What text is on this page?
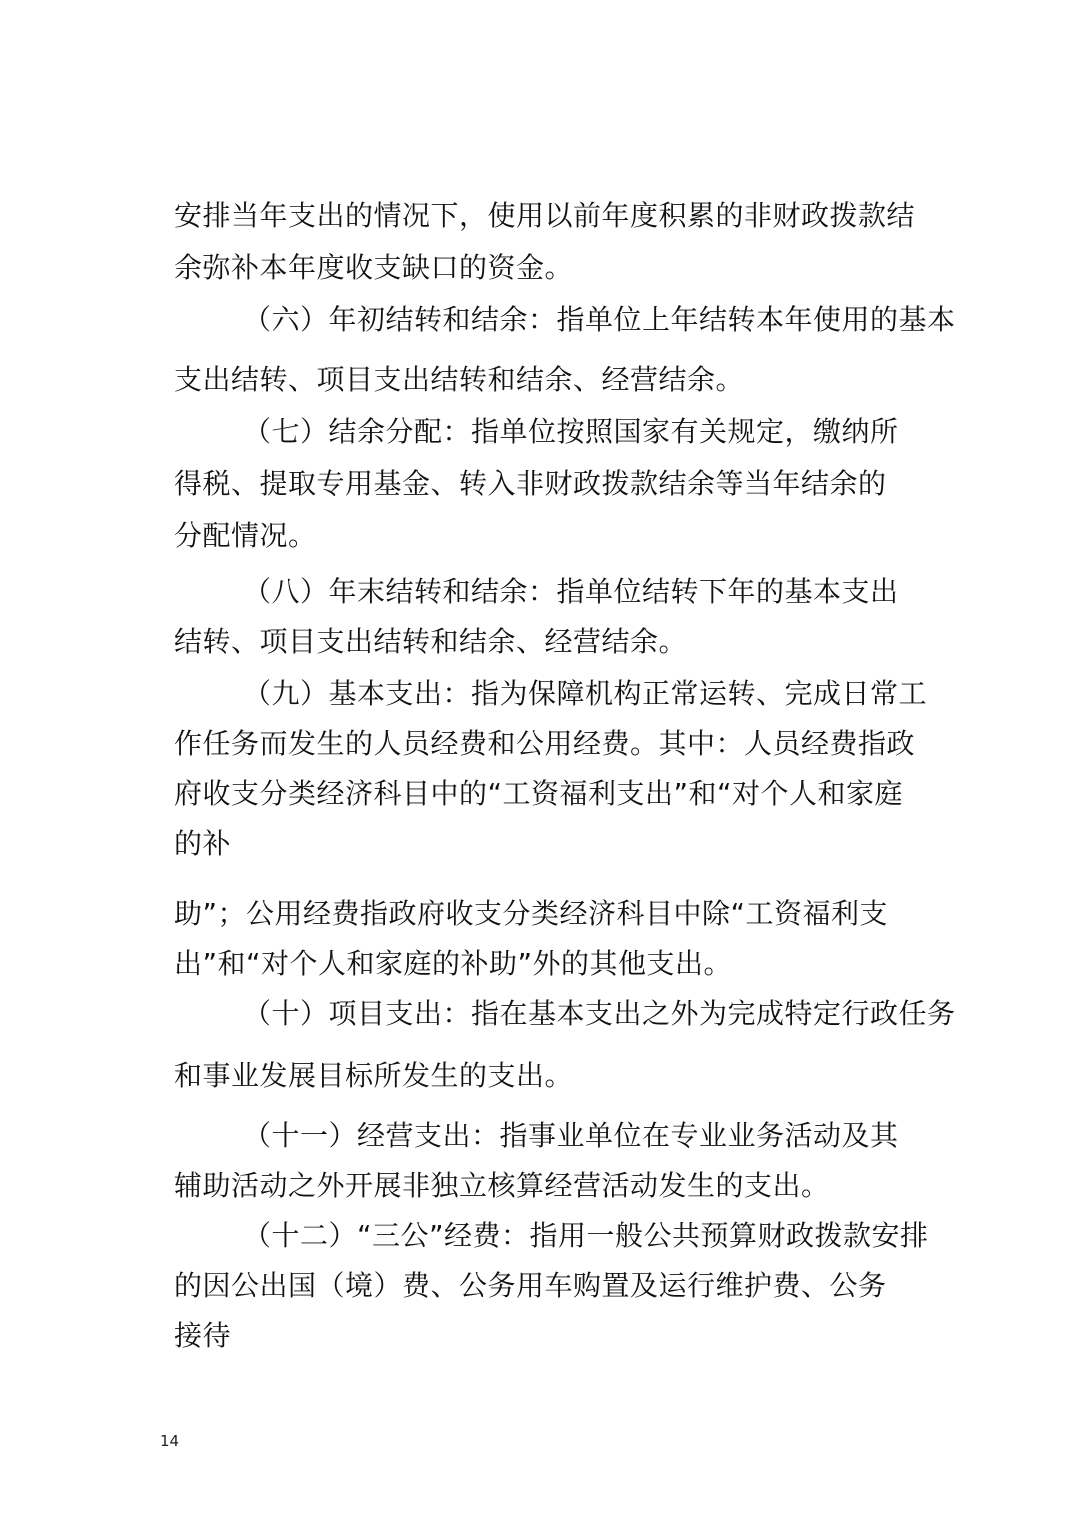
安排当年支出的情况下，使用以前年度积累的非财政拨款结
余弥补本年度收支缺口的资金。
（六）年初结转和结余：指单位上年结转本年使用的基本
支出结转、项目支出结转和结余、经营结余。
（七）结余分配：指单位按照国家有关规定，缴纳所
得税、提取专用基金、转入非财政拨款结余等当年结余的
分配情况。
（八）年末结转和结余：指单位结转下年的基本支出
结转、项目支出结转和结余、经营结余。
（九）基本支出：指为保障机构正常运转、完成日常工
作任务而发生的人员经费和公用经费。其中：人员经费指政
府收支分类经济科目中的“工资福利支出”和“对个人和家庭
的补
助”；公用经费指政府收支分类经济科目中除“工资福利支
出”和“对个人和家庭的补助”外的其他支出。
（十）项目支出：指在基本支出之外为完成特定行政任务
和事业发展目标所发生的支出。
（十一）经营支出：指事业单位在专业业务活动及其
辅助活动之外开展非独立核算经营活动发生的支出。
（十二）“三公”经费：指用一般公共预算财政拨款安排
的因公出国（境）费、公务用车购置及运行维护费、公务
接待
14
